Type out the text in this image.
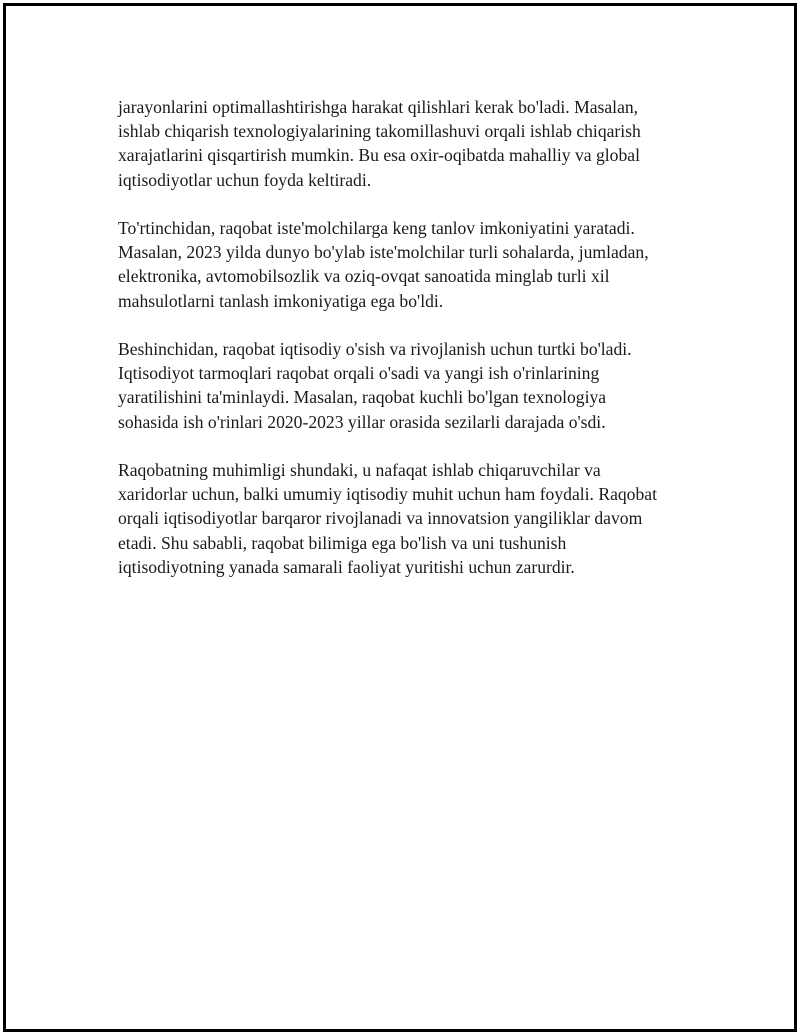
jarayonlarini optimallashtirishga harakat qilishlari kerak bo'ladi. Masalan,
ishlab chiqarish texnologiyalarining takomillashuvi orqali ishlab chiqarish
xarajatlarini qisqartirish mumkin. Bu esa oxir-oqibatda mahalliy va global
iqtisodiyotlar uchun foyda keltiradi.

To'rtinchidan, raqobat iste'molchilarga keng tanlov imkoniyatini yaratadi.
Masalan, 2023 yilda dunyo bo'ylab iste'molchilar turli sohalarda, jumladan,
elektronika, avtomobilsozlik va oziq-ovqat sanoatida minglab turli xil
mahsulotlarni tanlash imkoniyatiga ega bo'ldi.

Beshinchidan, raqobat iqtisodiy o'sish va rivojlanish uchun turtki bo'ladi.
Iqtisodiyot tarmoqlari raqobat orqali o'sadi va yangi ish o'rinlarining
yaratilishini ta'minlaydi. Masalan, raqobat kuchli bo'lgan texnologiya
sohasida ish o'rinlari 2020-2023 yillar orasida sezilarli darajada o'sdi.

Raqobatning muhimligi shundaki, u nafaqat ishlab chiqaruvchilar va
xaridorlar uchun, balki umumiy iqtisodiy muhit uchun ham foydali. Raqobat
orqali iqtisodiyotlar barqaror rivojlanadi va innovatsion yangiliklar davom
etadi. Shu sababli, raqobat bilimiga ega bo'lish va uni tushunish
iqtisodiyotning yanada samarali faoliyat yuritishi uchun zarurdir.
